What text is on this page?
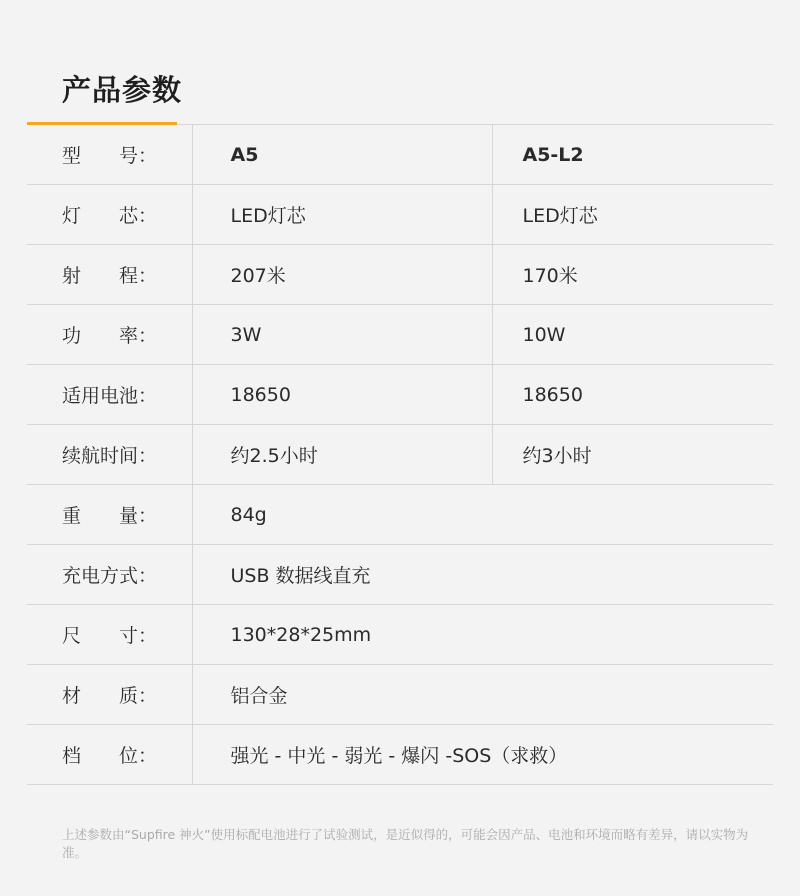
产品参数
型　　号：	A5	A5-L2
灯　　芯：	LED灯芯	LED灯芯
射　　程：	207米	170米
功　　率：	3W	10W
适用电池：	18650	18650
续航时间：	约2.5小时	约3小时
重　　量：	84g	
充电方式：	USB 数据线直充	
尺　　寸：	130*28*25mm	
材　　质：	铝合金	
档　　位：	强光 - 中光 - 弱光 - 爆闪 -SOS（求救）	
上述参数由“Supfire 神火”使用标配电池进行了试验测试，是近似得的，可能会因产品、电池和环境而略有差异，请以实物为准。
